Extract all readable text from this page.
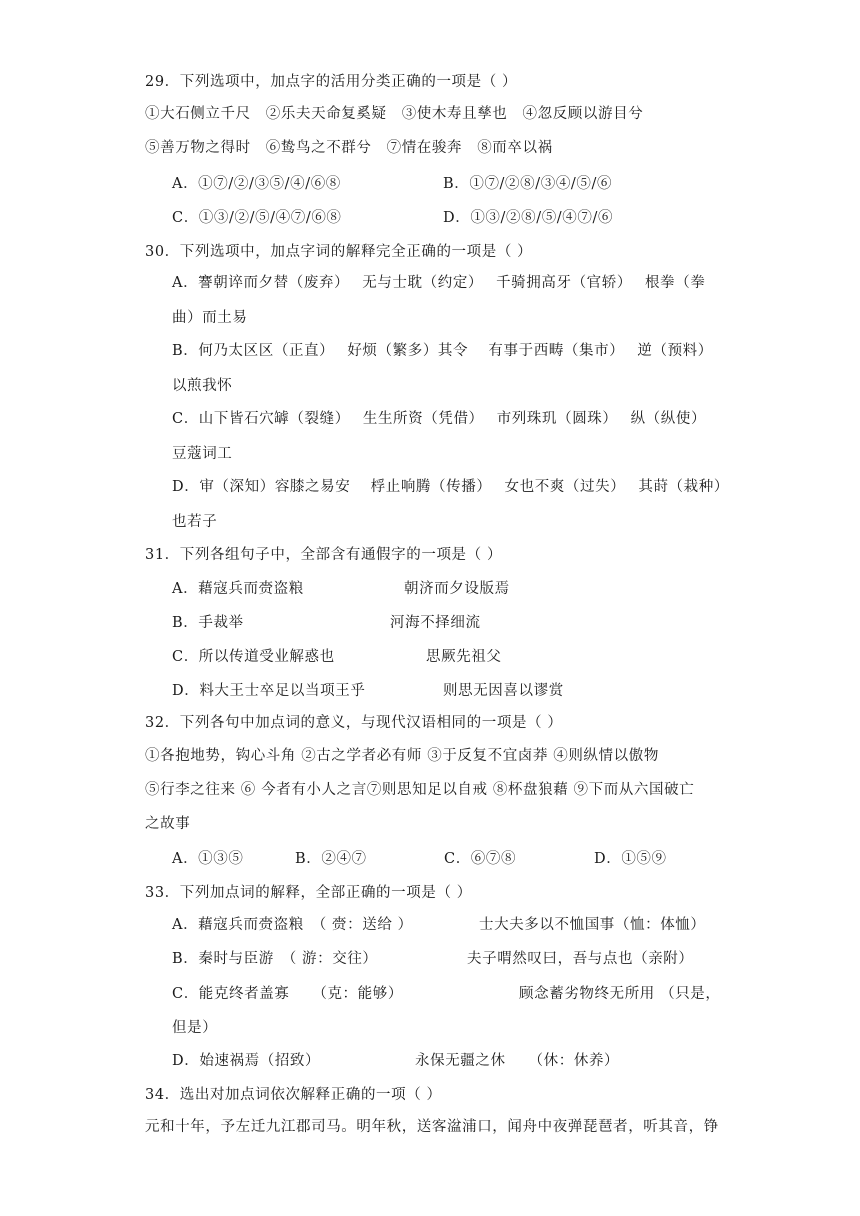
29．下列选项中，加点字的活用分类正确的一项是（ ）
①大石侧立千尺　②乐夫天命复奚疑　③使木寿且孳也　④忽反顾以游目兮
⑤善万物之得时　⑥鸷鸟之不群兮　⑦情在骏奔　⑧而卒以祸
A．①⑦/②/③⑤/④/⑥⑧	B．①⑦/②⑧/③④/⑤/⑥
C．①③/②/⑤/④⑦/⑥⑧	D．①③/②⑧/⑤/④⑦/⑥
30．下列选项中，加点字词的解释完全正确的一项是（ ）
A．謇朝谇而夕替（废弃）　 无与士耽（约定）　 千骑拥高牙（官轿）　 根拳（拳
曲）而土易
B．何乃太区区（正直）　 好烦（繁多）其令　 有事于西畴（集市）　 逆（预料）
以煎我怀
C．山下皆石穴罅（裂缝）　 生生所资（凭借）　 市列珠玑（圆珠）　 纵（纵使）
豆蔻词工
D．审（深知）容膝之易安　 桴止响腾（传播）　 女也不爽（过失）　 其莳（栽种）
也若子
31．下列各组句子中，全部含有通假字的一项是（ ）
A．藉寇兵而赍盗粮	朝济而夕设版焉
B．手裁举	河海不择细流
C．所以传道受业解惑也	思厥先祖父
D．料大王士卒足以当项王乎	则思无因喜以谬赏
32．下列各句中加点词的意义，与现代汉语相同的一项是（ ）
①各抱地势，钩心斗角 ②古之学者必有师 ③于反复不宜卤莽 ④则纵情以傲物
⑤行李之往来 ⑥ 今者有小人之言⑦则思知足以自戒 ⑧杯盘狼藉 ⑨下而从六国破亡
之故事
A．①③⑤	B．②④⑦	C．⑥⑦⑧	D．①⑤⑨
33．下列加点词的解释，全部正确的一项是（ ）
A．藉寇兵而赍盗粮　（ 赍：送给 ）	士大夫多以不恤国事（恤：体恤）
B．秦时与臣游　（ 游：交往）	夫子喟然叹曰，吾与点也（亲附）
C．能克终者盖寡　　（克：能够）	顾念蓄劣物终无所用 （只是，
但是）
D．始速祸焉（招致）	永保无疆之休　　（休：休养）
34．选出对加点词依次解释正确的一项（ ）
元和十年，予左迁九江郡司马。明年秋，送客湓浦口，闻舟中夜弹琵琶者，听其音，铮
